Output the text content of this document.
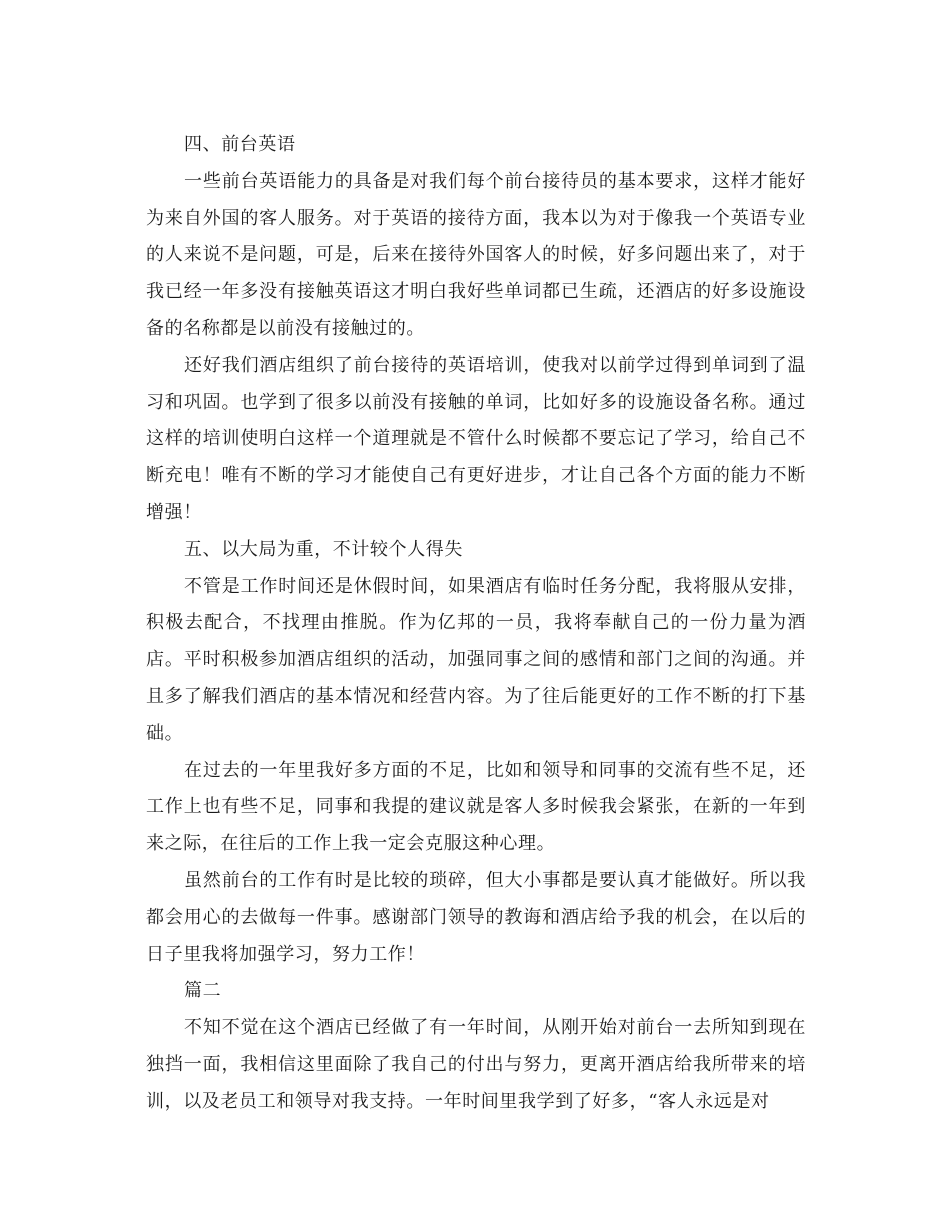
四、前台英语

一些前台英语能力的具备是对我们每个前台接待员的基本要求，这样才能好为来自外国的客人服务。对于英语的接待方面，我本以为对于像我一个英语专业的人来说不是问题，可是，后来在接待外国客人的时候，好多问题出来了，对于我已经一年多没有接触英语这才明白我好些单词都已生疏，还酒店的好多设施设备的名称都是以前没有接触过的。

还好我们酒店组织了前台接待的英语培训，使我对以前学过得到单词到了温习和巩固。也学到了很多以前没有接触的单词，比如好多的设施设备名称。通过这样的培训使明白这样一个道理就是不管什么时候都不要忘记了学习，给自己不断充电！唯有不断的学习才能使自己有更好进步，才让自己各个方面的能力不断增强！

五、以大局为重，不计较个人得失

不管是工作时间还是休假时间，如果酒店有临时任务分配，我将服从安排，积极去配合，不找理由推脱。作为亿邦的一员，我将奉献自己的一份力量为酒店。平时积极参加酒店组织的活动，加强同事之间的感情和部门之间的沟通。并且多了解我们酒店的基本情况和经营内容。为了往后能更好的工作不断的打下基础。

在过去的一年里我好多方面的不足，比如和领导和同事的交流有些不足，还工作上也有些不足，同事和我提的建议就是客人多时候我会紧张，在新的一年到来之际，在往后的工作上我一定会克服这种心理。

虽然前台的工作有时是比较的琐碎，但大小事都是要认真才能做好。所以我都会用心的去做每一件事。感谢部门领导的教诲和酒店给予我的机会，在以后的日子里我将加强学习，努力工作！

篇二

不知不觉在这个酒店已经做了有一年时间，从刚开始对前台一去所知到现在独挡一面，我相信这里面除了我自己的付出与努力，更离开酒店给我所带来的培训，以及老员工和领导对我支持。一年时间里我学到了好多，“客人永远是对
